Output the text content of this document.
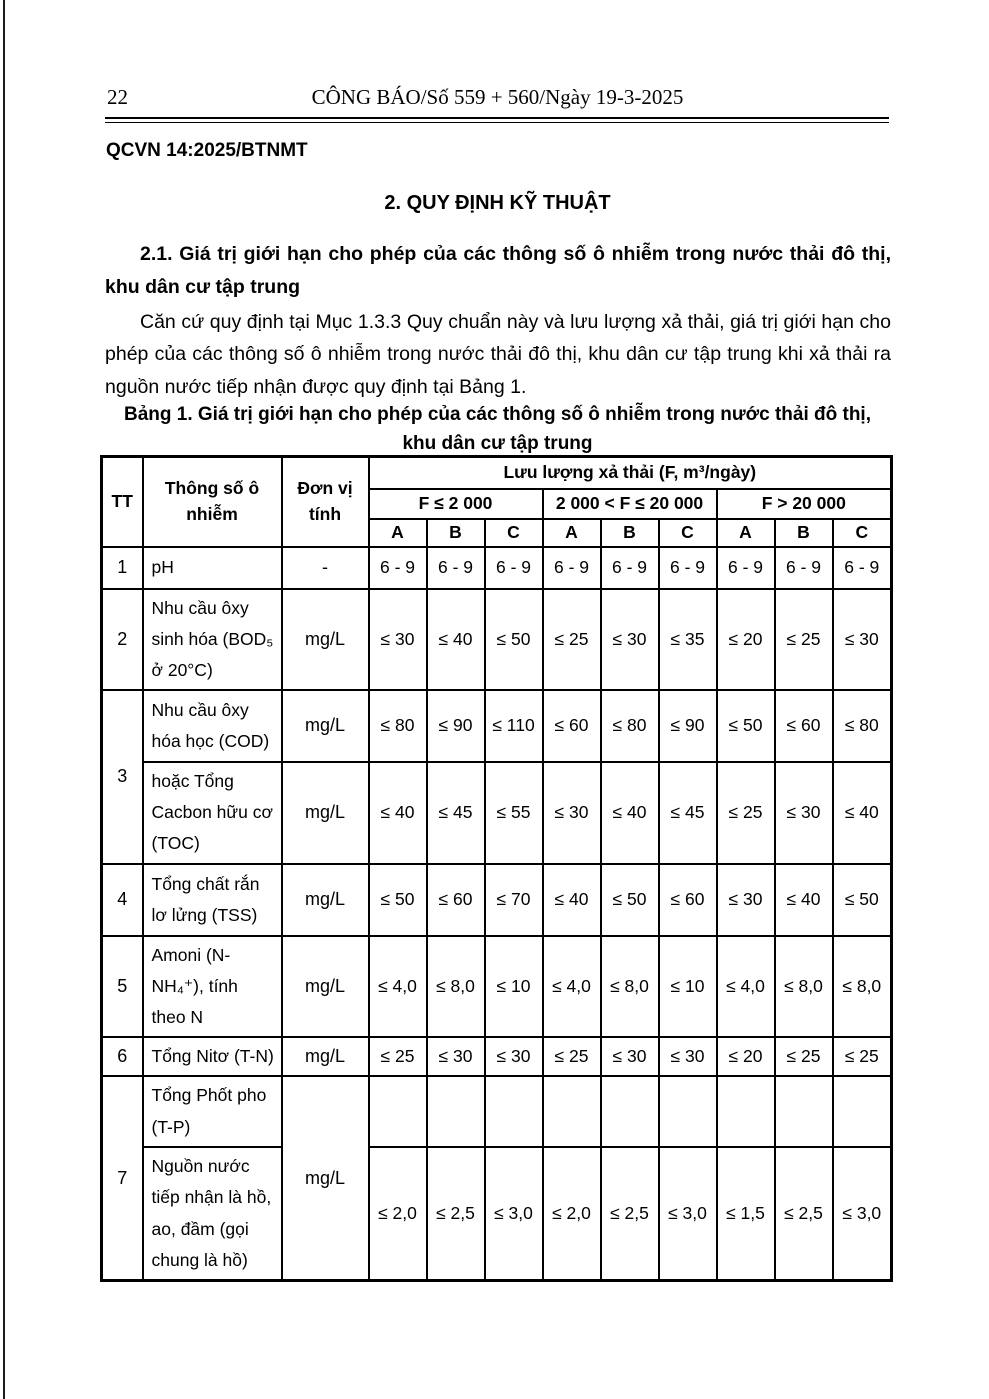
22	CÔNG BÁO/Số 559 + 560/Ngày 19-3-2025
QCVN 14:2025/BTNMT
2. QUY ĐỊNH KỸ THUẬT
2.1. Giá trị giới hạn cho phép của các thông số ô nhiễm trong nước thải đô thị, khu dân cư tập trung
Căn cứ quy định tại Mục 1.3.3 Quy chuẩn này và lưu lượng xả thải, giá trị giới hạn cho phép của các thông số ô nhiễm trong nước thải đô thị, khu dân cư tập trung khi xả thải ra nguồn nước tiếp nhận được quy định tại Bảng 1.
Bảng 1. Giá trị giới hạn cho phép của các thông số ô nhiễm trong nước thải đô thị, khu dân cư tập trung
TT	Thông số ô nhiễm	Đơn vị tính	Lưu lượng xả thải (F, m³/ngày)								
			F ≤ 2 000			2 000 < F ≤ 20 000			F > 20 000		
			A	B	C	A	B	C	A	B	C
1	pH	-	6 - 9	6 - 9	6 - 9	6 - 9	6 - 9	6 - 9	6 - 9	6 - 9	6 - 9
2	Nhu cầu ôxy sinh hóa (BOD₅ ở 20°C)	mg/L	≤ 30	≤ 40	≤ 50	≤ 25	≤ 30	≤ 35	≤ 20	≤ 25	≤ 30
3	Nhu cầu ôxy hóa học (COD)	mg/L	≤ 80	≤ 90	≤ 110	≤ 60	≤ 80	≤ 90	≤ 50	≤ 60	≤ 80
	hoặc Tổng Cacbon hữu cơ (TOC)	mg/L	≤ 40	≤ 45	≤ 55	≤ 30	≤ 40	≤ 45	≤ 25	≤ 30	≤ 40
4	Tổng chất rắn lơ lửng (TSS)	mg/L	≤ 50	≤ 60	≤ 70	≤ 40	≤ 50	≤ 60	≤ 30	≤ 40	≤ 50
5	Amoni (N-NH₄⁺), tính theo N	mg/L	≤ 4,0	≤ 8,0	≤ 10	≤ 4,0	≤ 8,0	≤ 10	≤ 4,0	≤ 8,0	≤ 8,0
6	Tổng Nitơ (T-N)	mg/L	≤ 25	≤ 30	≤ 30	≤ 25	≤ 30	≤ 30	≤ 20	≤ 25	≤ 25
7	Tổng Phốt pho (T-P)	mg/L									
	Nguồn nước tiếp nhận là hồ, ao, đầm (gọi chung là hồ)		≤ 2,0	≤ 2,5	≤ 3,0	≤ 2,0	≤ 2,5	≤ 3,0	≤ 1,5	≤ 2,5	≤ 3,0
